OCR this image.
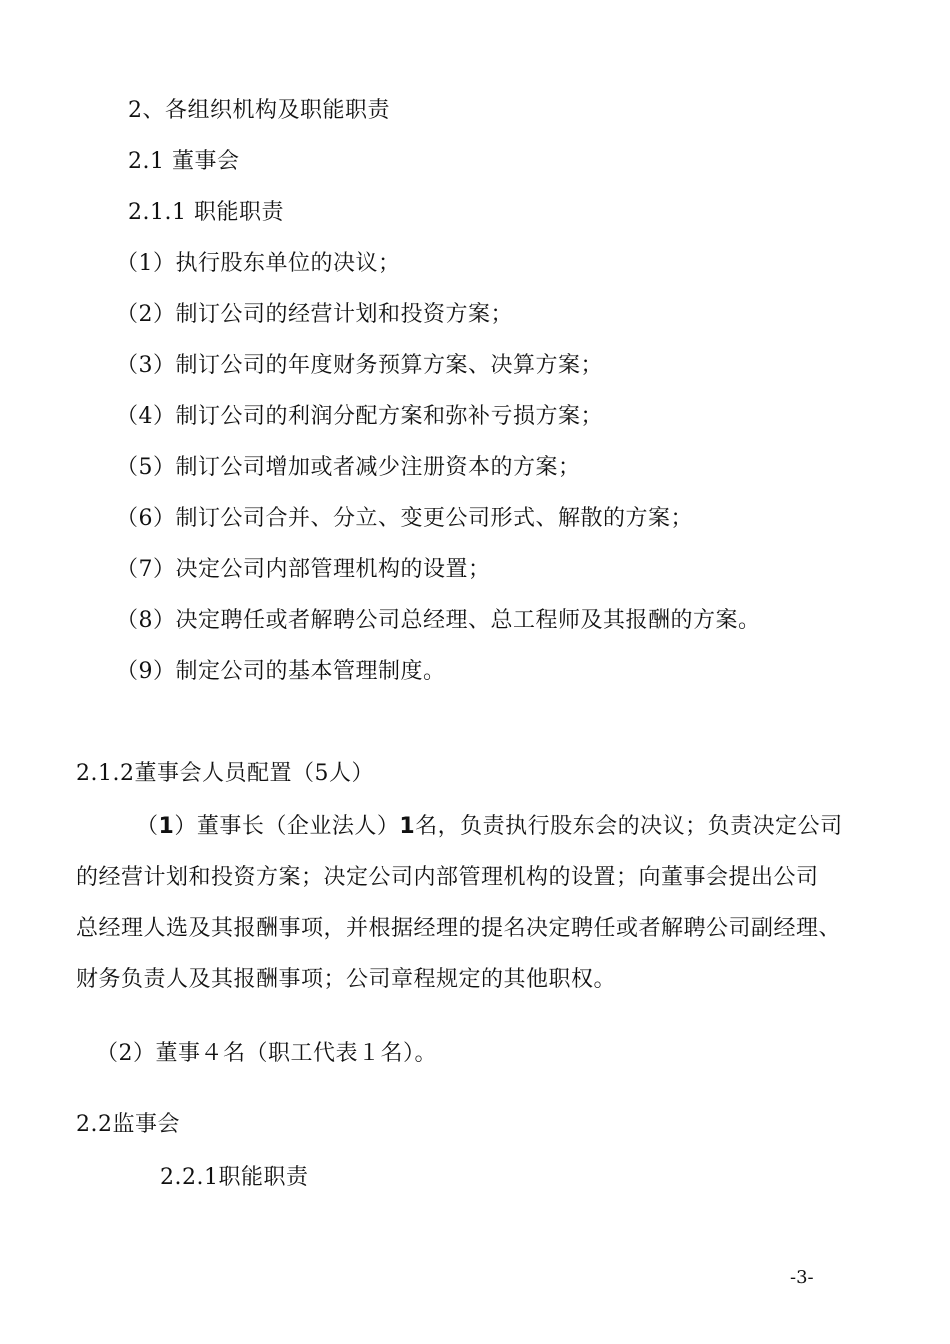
2、各组织机构及职能职责
2.1 董事会
2.1.1 职能职责
（1）执行股东单位的决议；
（2）制订公司的经营计划和投资方案；
（3）制订公司的年度财务预算方案、决算方案；
（4）制订公司的利润分配方案和弥补亏损方案；
（5）制订公司增加或者减少注册资本的方案；
（6）制订公司合并、分立、变更公司形式、解散的方案；
（7）决定公司内部管理机构的设置；
（8）决定聘任或者解聘公司总经理、总工程师及其报酬的方案。
（9）制定公司的基本管理制度。
2.1.2董事会人员配置（5人）
（1）董事长（企业法人）1名，负责执行股东会的决议；负责决定公司
的经营计划和投资方案；决定公司内部管理机构的设置；向董事会提出公司
总经理人选及其报酬事项，并根据经理的提名决定聘任或者解聘公司副经理、
财务负责人及其报酬事项；公司章程规定的其他职权。
（2）董事４名（职工代表１名）。
2.2监事会
2.2.1职能职责
-3-
